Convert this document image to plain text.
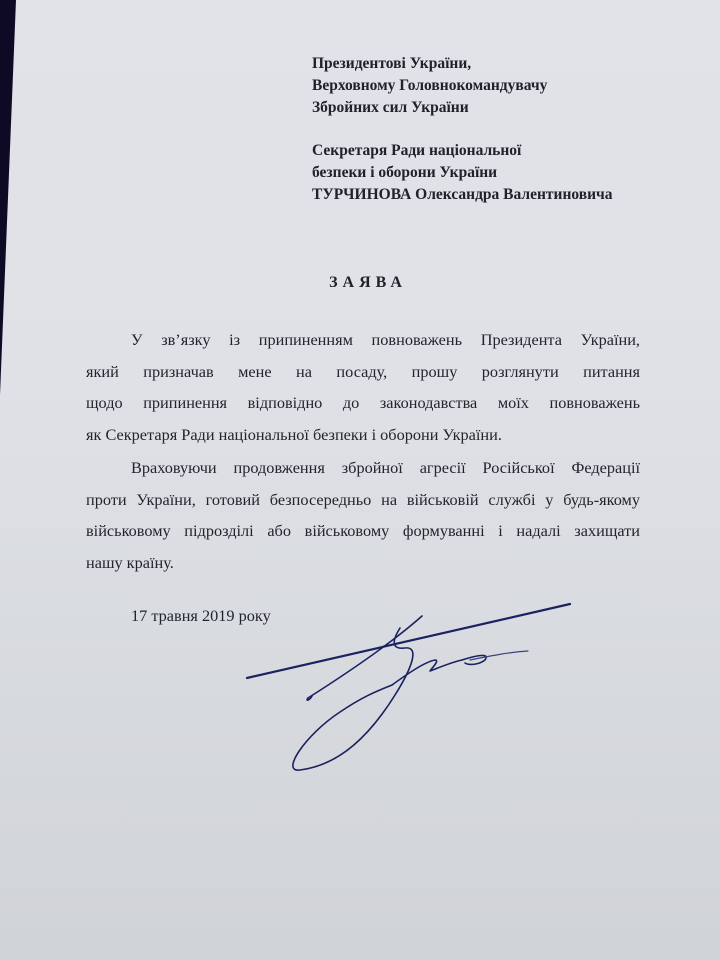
Президентові України,
Верховному Головнокомандувачу
Збройних сил України
Секретаря Ради національної
безпеки і оборони України
ТУРЧИНОВА Олександра Валентиновича
ЗАЯВА
У зв’язку із припиненням повноважень Президента України,
який призначав мене на посаду, прошу розглянути питання
щодо припинення відповідно до законодавства моїх повноважень
як Секретаря Ради національної безпеки і оборони України.
Враховуючи продовження збройної агресії Російської Федерації
проти України, готовий безпосередньо на військовій службі у будь-якому
військовому підрозділі або військовому формуванні і надалі захищати
нашу країну.
17 травня 2019 року
